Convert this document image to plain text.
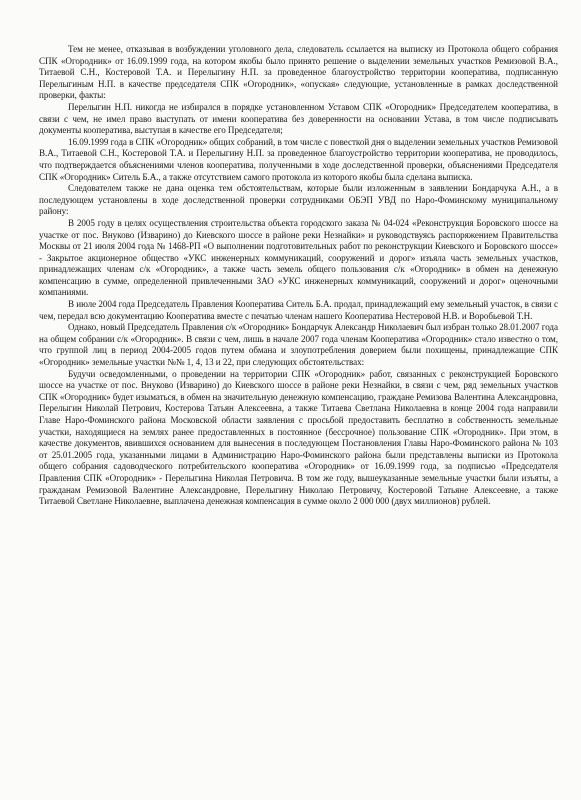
Тем не менее, отказывая в возбуждении уголовного дела, следователь ссылается на выписку из Протокола общего собрания СПК «Огородник» от 16.09.1999 года, на котором якобы было принято решение о выделении земельных участков Ремизовой В.А., Титаевой С.Н., Костеровой Т.А. и Перелыгину Н.П. за проведенное благоустройство территории кооператива, подписанную Перелыгиным Н.П. в качестве председателя СПК «Огородник», «опуская» следующие, установленные в рамках доследственной проверки, факты:

Перелыгин Н.П. никогда не избирался в порядке установленном Уставом СПК «Огородник» Председателем кооператива, в связи с чем, не имел право выступать от имени кооператива без доверенности на основании Устава, в том числе подписывать документы кооператива, выступая в качестве его Председателя;

16.09.1999 года в СПК «Огородник» общих собраний, в том числе с повесткой дня о выделении земельных участков Ремизовой В.А., Титаевой С.Н., Костеровой Т.А. и Перелыгину Н.П. за проведенное благоустройство территории кооператива, не проводилось, что подтверждается объяснениями членов кооператива, полученными в ходе доследственной проверки, объяснениями Председателя СПК «Огородник» Ситель Б.А., а также отсутствием самого протокола из которого якобы была сделана выписка.

Следователем также не дана оценка тем обстоятельствам, которые были изложенным в заявлении Бондарчука А.Н., а в последующем установлены в ходе доследственной проверки сотрудниками ОБЭП УВД по Наро-Фоминскому муниципальному району:

В 2005 году в целях осуществления строительства объекта городского заказа № 04-024 «Реконструкция Боровского шоссе на участке от пос. Внуково (Изварино) до Киевского шоссе в районе реки Незнайки» и руководствуясь распоряжением Правительства Москвы от 21 июля 2004 года № 1468-РП «О выполнении подготовительных работ по реконструкции Киевского и Боровского шоссе» - Закрытое акционерное общество «УКС инженерных коммуникаций, сооружений и дорог» изъяла часть земельных участков, принадлежащих членам с/к «Огородник», а также часть земель общего пользования с/к «Огородник» в обмен на денежную компенсацию в сумме, определенной привлеченными ЗАО «УКС инженерных коммуникаций, сооружений и дорог» оценочными компаниями.

В июле 2004 года Председатель Правления Кооператива Ситель Б.А. продал, принадлежащий ему земельный участок, в связи с чем, передал всю документацию Кооператива вместе с печатью членам нашего Кооператива Нестеровой Н.В. и Воробьевой Т.Н.

Однако, новый Председатель Правления с/к «Огородник» Бондарчук Александр Николаевич был избран только 28.01.2007 года на общем собрании с/к «Огородник». В связи с чем, лишь в начале 2007 года членам Кооператива «Огородник» стало известно о том, что группой лиц в период 2004-2005 годов путем обмана и злоупотребления доверием были похищены, принадлежащие СПК «Огородник» земельные участки №№ 1, 4, 13 и 22, при следующих обстоятельствах:

Будучи осведомленными, о проведении на территории СПК «Огородник» работ, связанных с реконструкцией Боровского шоссе на участке от пос. Внуково (Изварино) до Киевского шоссе в районе реки Незнайки, в связи с чем, ряд земельных участков СПК «Огородник» будет изыматься, в обмен на значительную денежную компенсацию, граждане Ремизова Валентина Александровна, Перелыгин Николай Петрович, Костерова Татьян Алексеевна, а также Титаева Светлана Николаевна в конце 2004 года направили Главе Наро-Фоминского района Московской области заявления с просьбой предоставить бесплатно в собственность земельные участки, находящиеся на землях ранее предоставленных в постоянное (бессрочное) пользование СПК «Огородник». При этом, в качестве документов, явившихся основанием для вынесения в последующем Постановления Главы Наро-Фоминского района № 103 от 25.01.2005 года, указанными лицами в Администрацию Наро-Фоминского района были представлены выписки из Протокола общего собрания садоводческого потребительского кооператива «Огородник» от 16.09.1999 года, за подписью «Председателя Правления СПК «Огородник» - Перелыгина Николая Петровича. В том же году, вышеуказанные земельные участки были изъяты, а гражданам Ремизовой Валентине Александровне, Перелыгину Николаю Петровичу, Костеровой Татьяне Алексеевне, а также Титаевой Светлане Николаевне, выплачена денежная компенсация в сумме около 2 000 000 (двух миллионов) рублей.
